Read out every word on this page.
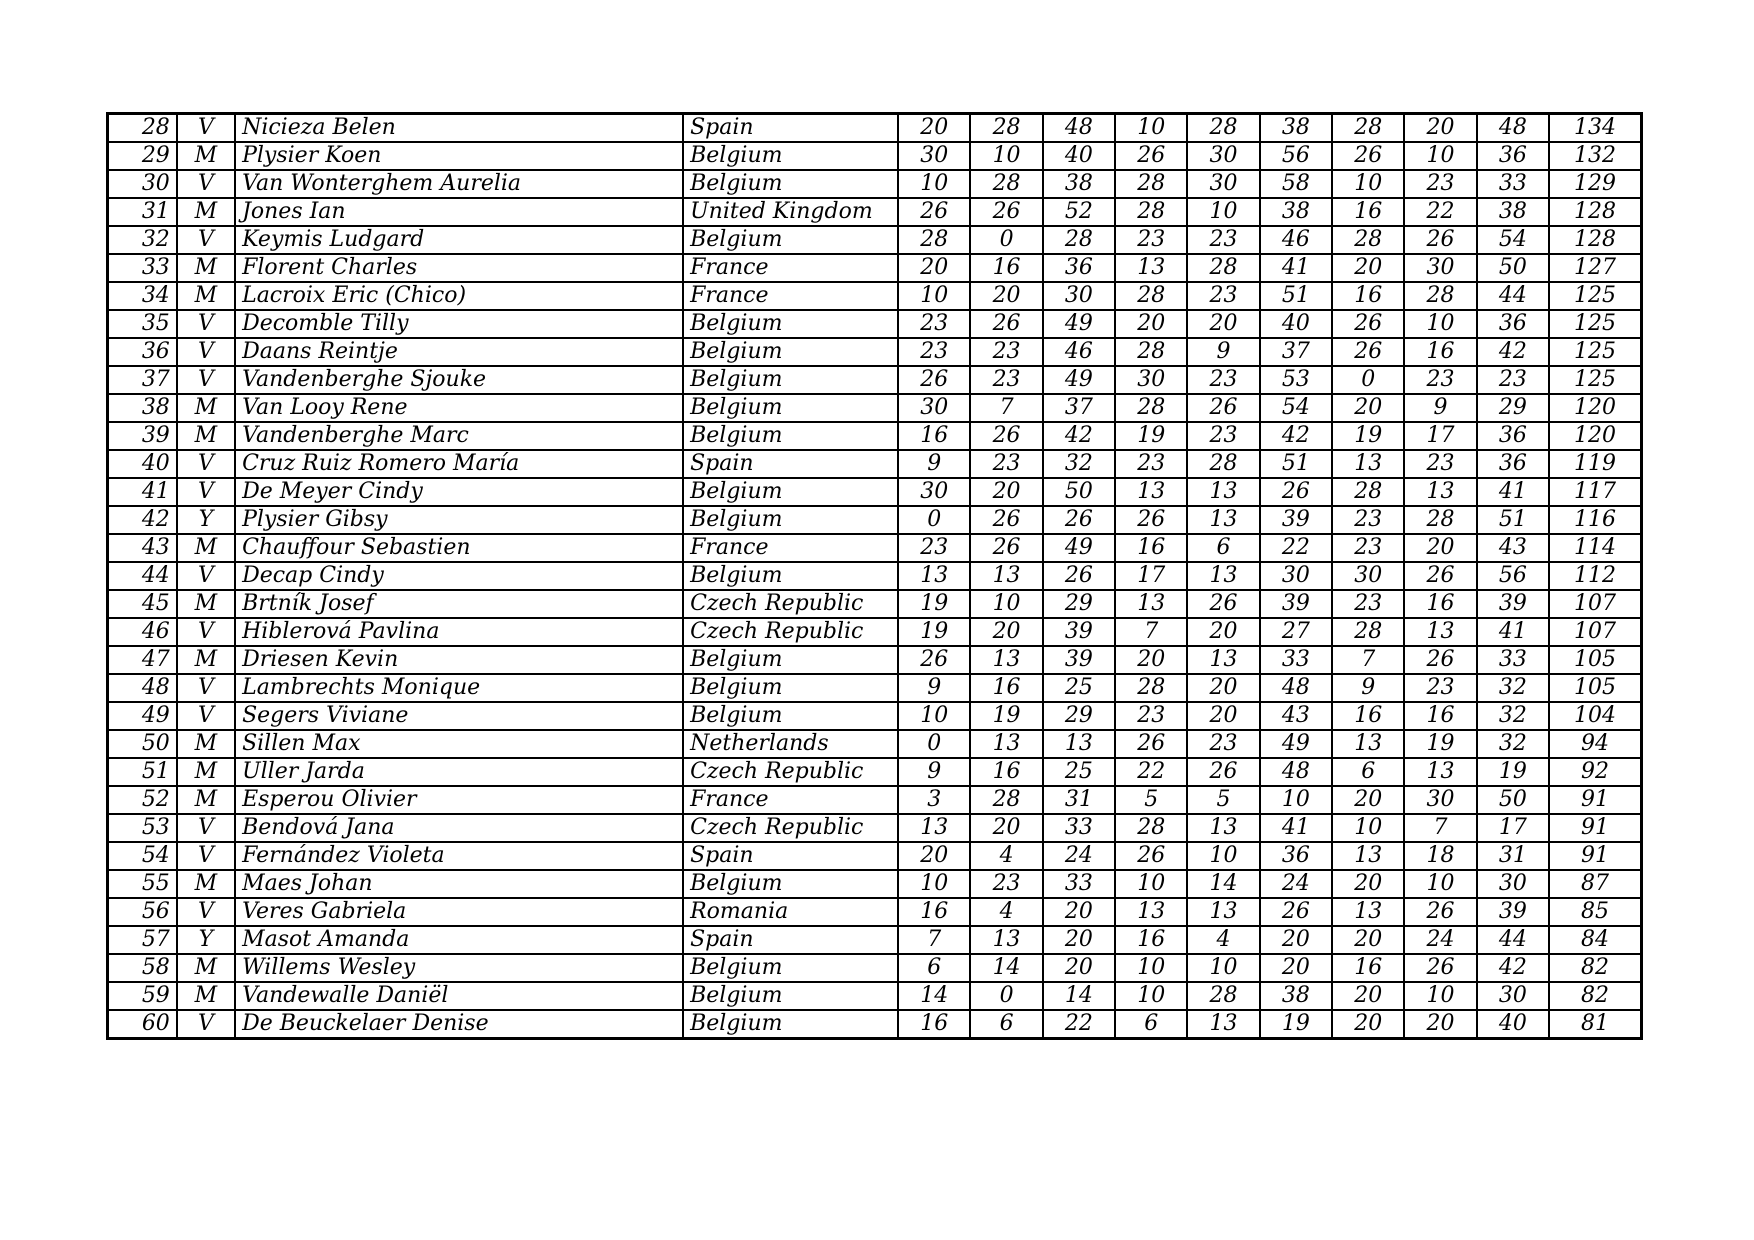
28	V	Nicieza Belen	Spain	20	28	48	10	28	38	28	20	48	134
29	M	Plysier Koen	Belgium	30	10	40	26	30	56	26	10	36	132
30	V	Van Wonterghem Aurelia	Belgium	10	28	38	28	30	58	10	23	33	129
31	M	Jones Ian	United Kingdom	26	26	52	28	10	38	16	22	38	128
32	V	Keymis Ludgard	Belgium	28	0	28	23	23	46	28	26	54	128
33	M	Florent Charles	France	20	16	36	13	28	41	20	30	50	127
34	M	Lacroix Eric (Chico)	France	10	20	30	28	23	51	16	28	44	125
35	V	Decomble Tilly	Belgium	23	26	49	20	20	40	26	10	36	125
36	V	Daans Reintje	Belgium	23	23	46	28	9	37	26	16	42	125
37	V	Vandenberghe Sjouke	Belgium	26	23	49	30	23	53	0	23	23	125
38	M	Van Looy Rene	Belgium	30	7	37	28	26	54	20	9	29	120
39	M	Vandenberghe Marc	Belgium	16	26	42	19	23	42	19	17	36	120
40	V	Cruz Ruiz Romero María	Spain	9	23	32	23	28	51	13	23	36	119
41	V	De Meyer Cindy	Belgium	30	20	50	13	13	26	28	13	41	117
42	Y	Plysier Gibsy	Belgium	0	26	26	26	13	39	23	28	51	116
43	M	Chauffour Sebastien	France	23	26	49	16	6	22	23	20	43	114
44	V	Decap Cindy	Belgium	13	13	26	17	13	30	30	26	56	112
45	M	Brtník Josef	Czech Republic	19	10	29	13	26	39	23	16	39	107
46	V	Hiblerová Pavlina	Czech Republic	19	20	39	7	20	27	28	13	41	107
47	M	Driesen Kevin	Belgium	26	13	39	20	13	33	7	26	33	105
48	V	Lambrechts Monique	Belgium	9	16	25	28	20	48	9	23	32	105
49	V	Segers Viviane	Belgium	10	19	29	23	20	43	16	16	32	104
50	M	Sillen Max	Netherlands	0	13	13	26	23	49	13	19	32	94
51	M	Uller Jarda	Czech Republic	9	16	25	22	26	48	6	13	19	92
52	M	Esperou Olivier	France	3	28	31	5	5	10	20	30	50	91
53	V	Bendová Jana	Czech Republic	13	20	33	28	13	41	10	7	17	91
54	V	Fernández Violeta	Spain	20	4	24	26	10	36	13	18	31	91
55	M	Maes Johan	Belgium	10	23	33	10	14	24	20	10	30	87
56	V	Veres Gabriela	Romania	16	4	20	13	13	26	13	26	39	85
57	Y	Masot Amanda	Spain	7	13	20	16	4	20	20	24	44	84
58	M	Willems Wesley	Belgium	6	14	20	10	10	20	16	26	42	82
59	M	Vandewalle Daniël	Belgium	14	0	14	10	28	38	20	10	30	82
60	V	De Beuckelaer Denise	Belgium	16	6	22	6	13	19	20	20	40	81
